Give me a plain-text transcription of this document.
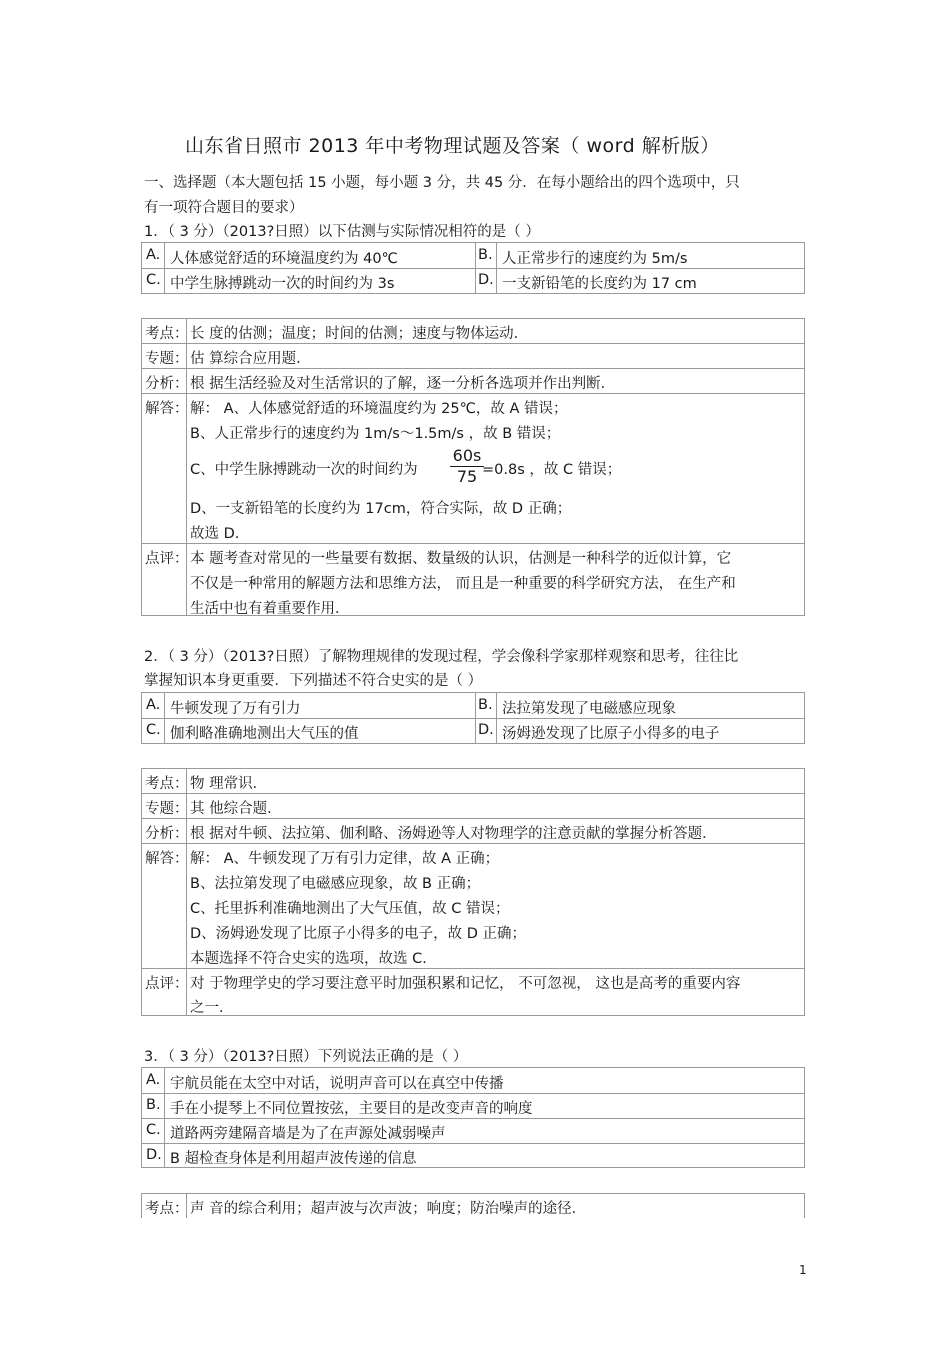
山东省日照市 2013 年中考物理试题及答案（ word 解析版）
一、选择题（本大题包括 15 小题，每小题 3 分，共 45 分．在每小题给出的四个选项中，只
有一项符合题目的要求）
1．（ 3 分）（2013?日照）以下估测与实际情况相符的是（ ）
A. 人体感觉舒适的环境温度约为 40℃	B. 人正常步行的速度约为 5m/s
C. 中学生脉搏跳动一次的时间约为 3s	D. 一支新铅笔的长度约为 17 cm
考点： 长 度的估测；温度；时间的估测；速度与物体运动．
专题： 估 算综合应用题．
分析： 根 据生活经验及对生活常识的了解，逐一分析各选项并作出判断．
解答： 解： A、人体感觉舒适的环境温度约为 25℃，故 A 错误；
B、人正常步行的速度约为 1m/s～1.5m/s ，故 B 错误；
C、中学生脉搏跳动一次的时间约为
60s
75 =0.8s ，故 C 错误；
D、一支新铅笔的长度约为 17cm，符合实际，故 D 正确；
故选 D.
点评： 本 题考查对常见的一些量要有数据、数量级的认识，估测是一种科学的近似计算，它
不仅是一种常用的解题方法和思维方法， 而且是一种重要的科学研究方法， 在生产和
生活中也有着重要作用．
2．（ 3 分）（2013?日照）了解物理规律的发现过程，学会像科学家那样观察和思考，往往比
掌握知识本身更重要．下列描述不符合史实的是（ ）
A. 牛顿发现了万有引力	B. 法拉第发现了电磁感应现象
C. 伽利略准确地测出大气压的值	D. 汤姆逊发现了比原子小得多的电子
考点： 物 理常识．
专题： 其 他综合题．
分析： 根 据对牛顿、法拉第、伽利略、汤姆逊等人对物理学的注意贡献的掌握分析答题．
解答： 解： A、牛顿发现了万有引力定律，故 A 正确；
B、法拉第发现了电磁感应现象，故 B 正确；
C、托里拆利准确地测出了大气压值，故 C 错误；
D、汤姆逊发现了比原子小得多的电子，故 D 正确；
本题选择不符合史实的选项，故选 C.
点评： 对 于物理学史的学习要注意平时加强积累和记忆， 不可忽视， 这也是高考的重要内容
之一．
3．（ 3 分）（2013?日照）下列说法正确的是（ ）
A. 宇航员能在太空中对话，说明声音可以在真空中传播
B. 手在小提琴上不同位置按弦，主要目的是改变声音的响度
C. 道路两旁建隔音墙是为了在声源处减弱噪声
D. B 超检查身体是利用超声波传递的信息
考点： 声 音的综合利用；超声波与次声波；响度；防治噪声的途径．
1
